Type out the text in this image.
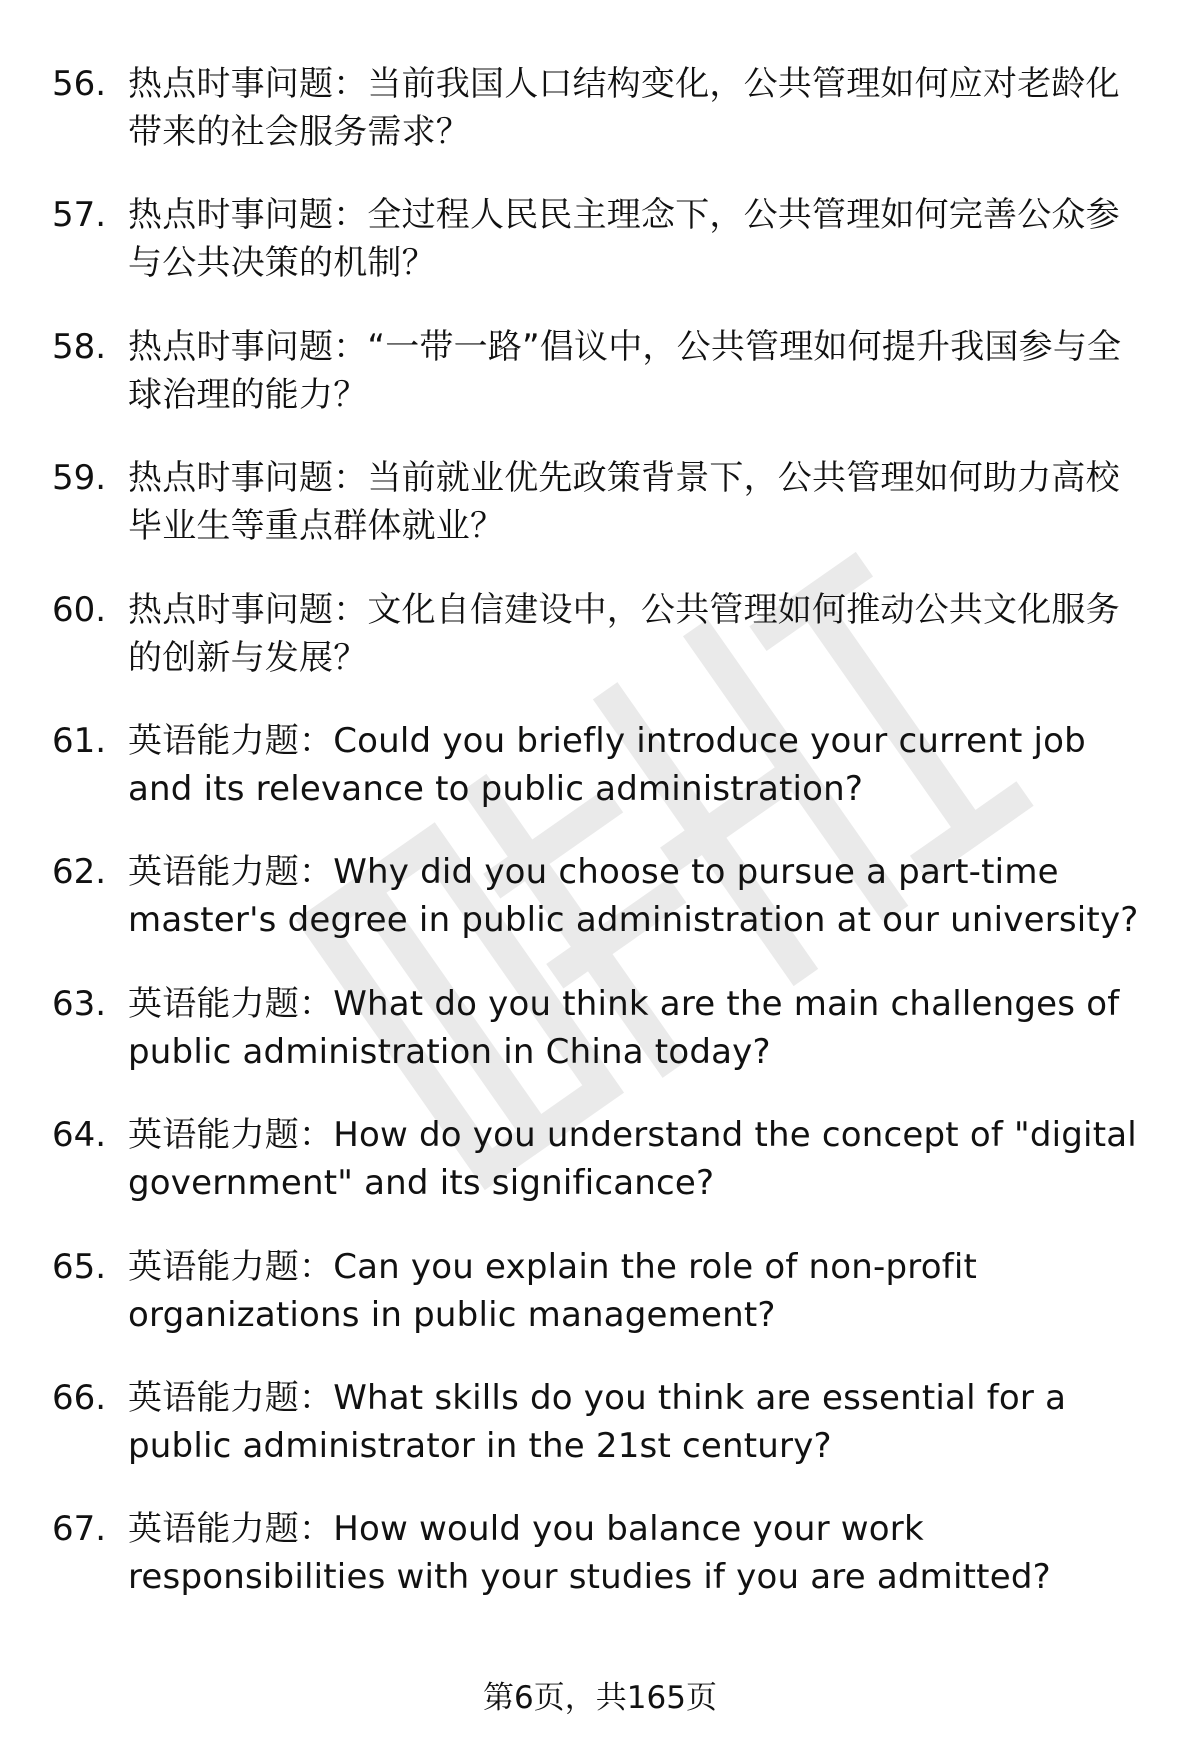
56. 热点时事问题：当前我国人口结构变化，公共管理如何应对老龄化带来的社会服务需求？
57. 热点时事问题：全过程人民民主理念下，公共管理如何完善公众参与公共决策的机制？
58. 热点时事问题：“一带一路”倡议中，公共管理如何提升我国参与全球治理的能力？
59. 热点时事问题：当前就业优先政策背景下，公共管理如何助力高校毕业生等重点群体就业？
60. 热点时事问题：文化自信建设中，公共管理如何推动公共文化服务的创新与发展？
61. 英语能力题：Could you briefly introduce your current job and its relevance to public administration?
62. 英语能力题：Why did you choose to pursue a part-time master's degree in public administration at our university?
63. 英语能力题：What do you think are the main challenges of public administration in China today?
64. 英语能力题：How do you understand the concept of "digital government" and its significance?
65. 英语能力题：Can you explain the role of non-profit organizations in public management?
66. 英语能力题：What skills do you think are essential for a public administrator in the 21st century?
67. 英语能力题：How would you balance your work responsibilities with your studies if you are admitted?
第6页，共165页
